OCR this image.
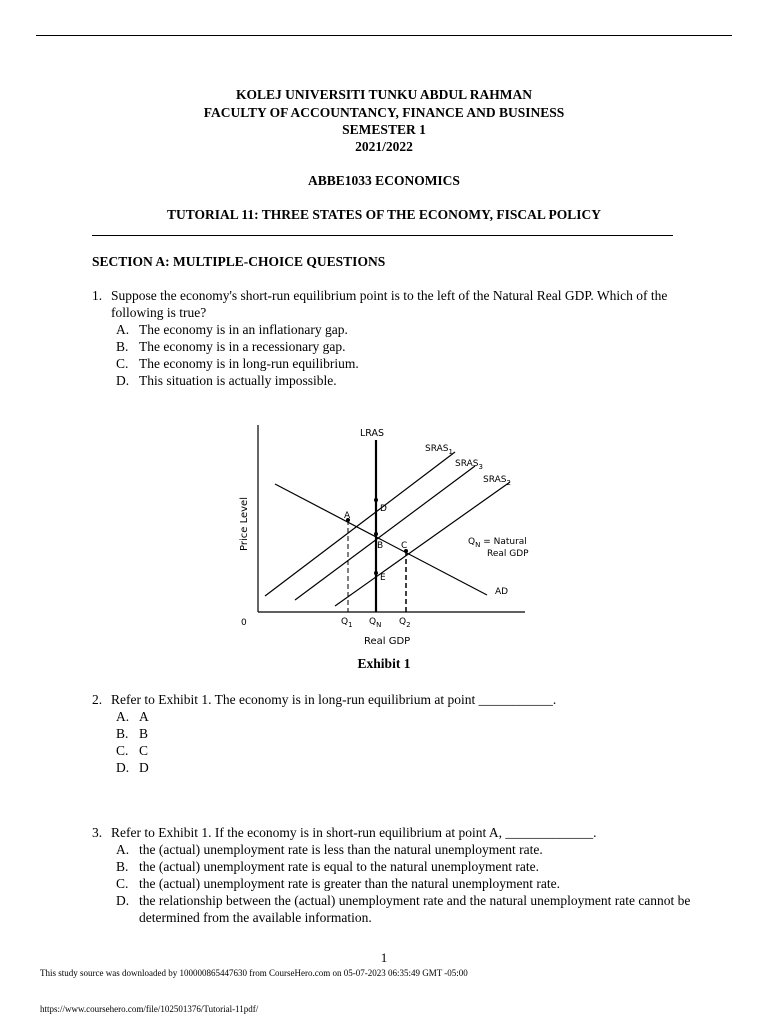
KOLEJ UNIVERSITI TUNKU ABDUL RAHMAN
FACULTY OF ACCOUNTANCY, FINANCE AND BUSINESS
SEMESTER 1
2021/2022
ABBE1033 ECONOMICS
TUTORIAL 11: THREE STATES OF THE ECONOMY, FISCAL POLICY
SECTION A: MULTIPLE-CHOICE QUESTIONS
1. Suppose the economy's short-run equilibrium point is to the left of the Natural Real GDP. Which of the following is true?
A. The economy is in an inflationary gap.
B. The economy is in a recessionary gap.
C. The economy is in long-run equilibrium.
D. This situation is actually impossible.
LRAS
$SRAS_1$
$SRAS_3$
$SRAS_2$
AD
A
D
B C
E
$Q_N$ = Natural
Real GDP
Price Level
0	$Q_1$ $Q_N$ $Q_2$
Real GDP
Exhibit 1
2. Refer to Exhibit 1. The economy is in long-run equilibrium at point ___________.
A. A
B. B
C. C
D. D
3. Refer to Exhibit 1. If the economy is in short-run equilibrium at point A, _____________.
A. the (actual) unemployment rate is less than the natural unemployment rate.
B. the (actual) unemployment rate is equal to the natural unemployment rate.
C. the (actual) unemployment rate is greater than the natural unemployment rate.
D. the relationship between the (actual) unemployment rate and the natural unemployment rate cannot be determined from the available information.
1
This study source was downloaded by 100000865447630 from CourseHero.com on 05-07-2023 06:35:49 GMT -05:00
https://www.coursehero.com/file/102501376/Tutorial-11pdf/
